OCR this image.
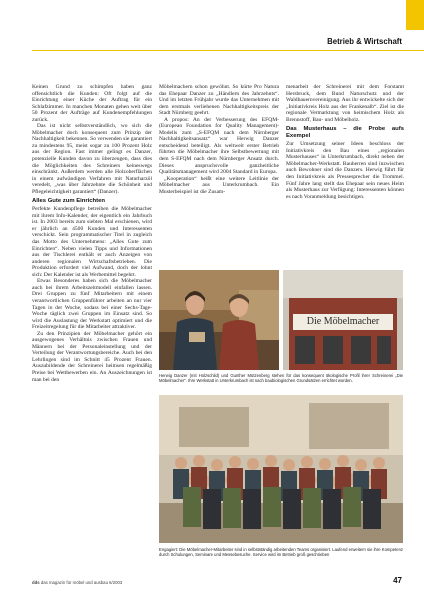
Betrieb & Wirtschaft

Keinen Grund zu schimpfen haben ganz offensichtlich die Kunden: Oft folgt auf die Einrichtung einer Küche der Auftrag für ein Schlafzimmer. In manchen Monaten gehen weit über 50 Prozent der Aufträge auf Kundenempfehlungen zurück.

Das ist nicht selbstverständlich, wo sich die Möbelmacher doch konsequent zum Prinzip der Nachhaltigkeit bekennen. So verwenden sie garantiert zu mindestens 95, meist sogar zu 100 Prozent Holz aus der Region. Fast immer gelingt es Danzer, potenzielle Kunden davon zu überzeugen, dass dies die Möglichkeiten des Schreiners keineswegs einschränkt. Außerdem werden alle Holzoberflächen in einem aufwändigen Verfahren mit Naturharzöl veredelt, „was über Jahrzehnte die Schönheit und Pflegeleichtigkeit garantiert“ (Danzer).

Alles Gute zum Einrichten

Perfekte Kundenpflege betreiben die Möbelmacher mit ihrem Info-Kalender, der eigentlich ein Jahrbuch ist. In 2003 bereits zum siebten Mal erschienen, wird er jährlich an 4500 Kunden und Interessenten verschickt. Sein programmatischer Titel in zugleich das Motto des Unternehmens: „Alles Gute zum Einrichten“. Neben vielen Tipps und Informationen aus der Tischlerei enthält er auch Anzeigen von anderen regionalen Wirtschaftsbetrieben. Die Produktion erfordert viel Aufwand, doch der lohnt sich: Der Kalender ist als Werbemittel begehrt.

Etwas Besonderes haben sich die Möbelmacher auch bei ihrem Arbeitszeitmodell einfallen lassen. Drei Gruppen zu fünf Mitarbeitern mit einem verantwortlichen Gruppenführer arbeiten an nur vier Tagen in der Woche, sodass bei einer Sechs-Tage-Woche täglich zwei Gruppen im Einsatz sind. So wird die Auslastung der Werkstatt optimiert und die Freizeitregelung für die Mitarbeiter attraktiver.

Zu den Prinzipien der Möbelmacher gehört ein ausgewogenes Verhältnis zwischen Frauen und Männern bei der Personaleinstellung und der Verteilung der Verantwortungsbereiche. Auch bei den Lehrlingen sind im Schnitt 45 Prozent Frauen. Auszubildende der Schreinerei heimsen regelmäßig Preise bei Wettbewerben ein. An Auszeichnungen ist man bei den

Möbelmachern schon gewöhnt. So kürte Pro Natura das Ehepaar Danzer zu „Händlern des Jahrzehnts“. Und im letzten Frühjahr wurde das Unternehmen mit dem erstmals verliehenen Nachhaltigkeitspreis der Stadt Nürnberg geehrt.

A propos: An der Verbesserung des EFQM-(European Foundation for Quality Management)-Modells zum „S-EFQM nach dem Nürnberger Nachhaltigkeitsansatz“ war Herwig Danzer entscheidend beteiligt. Als weltweit erster Betrieb führten die Möbelmacher ihre Selbstbewertung mit dem S-EFQM nach dem Nürnberger Ansatz durch. Dieses anspruchsvolle ganzheitliche Qualitätsmanagement wird 2004 Standard in Europa.

„Kooperation“ heißt eine weitere Leitlinie der Möbelmacher aus Unterkrumbach. Ein Musterbeispiel ist die Zusam-

menarbeit der Schreinerei mit dem Forstamt Hersbruck, dem Bund Naturschutz und der Waldbauernvereinigung. Aus ihr entwickelte sich der „Initiativkreis Holz aus der Frankenalb“. Ziel ist die regionale Vermarktung von heimischem Holz als Brennstoff, Bau- und Möbelholz.

Das Musterhaus – die Probe aufs Exempel

Zur Umsetzung seiner Ideen beschloss der Initiativkreis den Bau eines „regionalen Musterhauses“ in Unterkrumbach, direkt neben der Möbelmacher-Werkstatt. Bauherren sind inzwischen auch Bewohner sind die Danzers. Herwig führt für den Initiativkreis als Pressesprecher die Trommel. Fünf Jahre lang stellt das Ehepaar sein neues Heim als Musterhaus zur Verfügung: Interessenten können es nach Voranmeldung besichtigen.

Die Möbelmacher
Herwig Danzer (mit Holzschild) und Gunther Mützenberg stehen für das konsequent ökologische Profil ihrer Schreinerei „Die Möbelmacher“. Ihre Werkstatt in Unterkrumbach ist nach baubiologischen Grundsätzen errichtet worden.
Engagiert: Die Möbelmacher-Mitarbeiter sind in selbstständig arbeitenden Teams organisiert. Laufend erweitern sie ihre Kompetenz durch Schulungen, Seminare und Messebesuche. Service wird im Betrieb groß geschrieben
dds das magazin für möbel und ausbau 6/2003	47
